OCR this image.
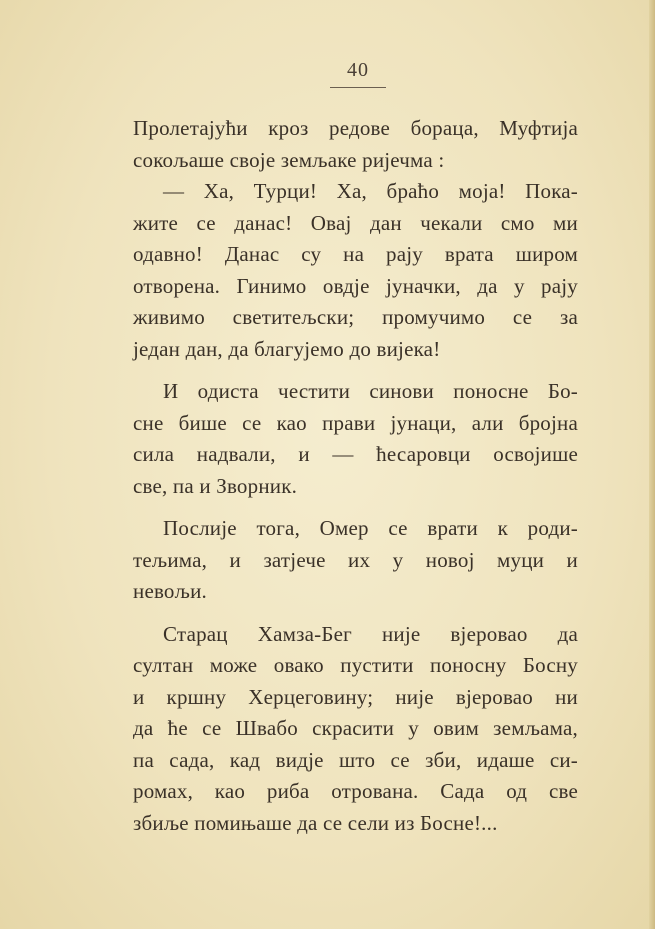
40
Пролетајући кроз редове бораца, Муфтија
сокољаше своје земљаке ријечма :
— Ха, Турци! Ха, браћо моја! Пока-
жите се данас! Овај дан чекали смо ми
одавно! Данас су на рају врата широм
отворена. Гинимо овдје јуначки, да у рају
живимо светитељски; промучимо се за
један дан, да благујемо до вијека!
И одиста честити синови поносне Бо-
сне бише се као прави јунаци, али бројна
сила надвали, и — ћесаровци освојише
све, па и Зворник.
Послије тога, Омер се врати к роди-
тељима, и затјече их у новој муци и
невољи.
Старац Хамза-Бег није вјеровао да
султан може овако пустити поносну Босну
и кршну Херцеговину; није вјеровао ни
да ће се Швабо скрасити у овим земљама,
па сада, кад видје што се зби, идаше си-
ромах, као риба отрована. Сада од све
збиље помињаше да се сели из Босне!...
